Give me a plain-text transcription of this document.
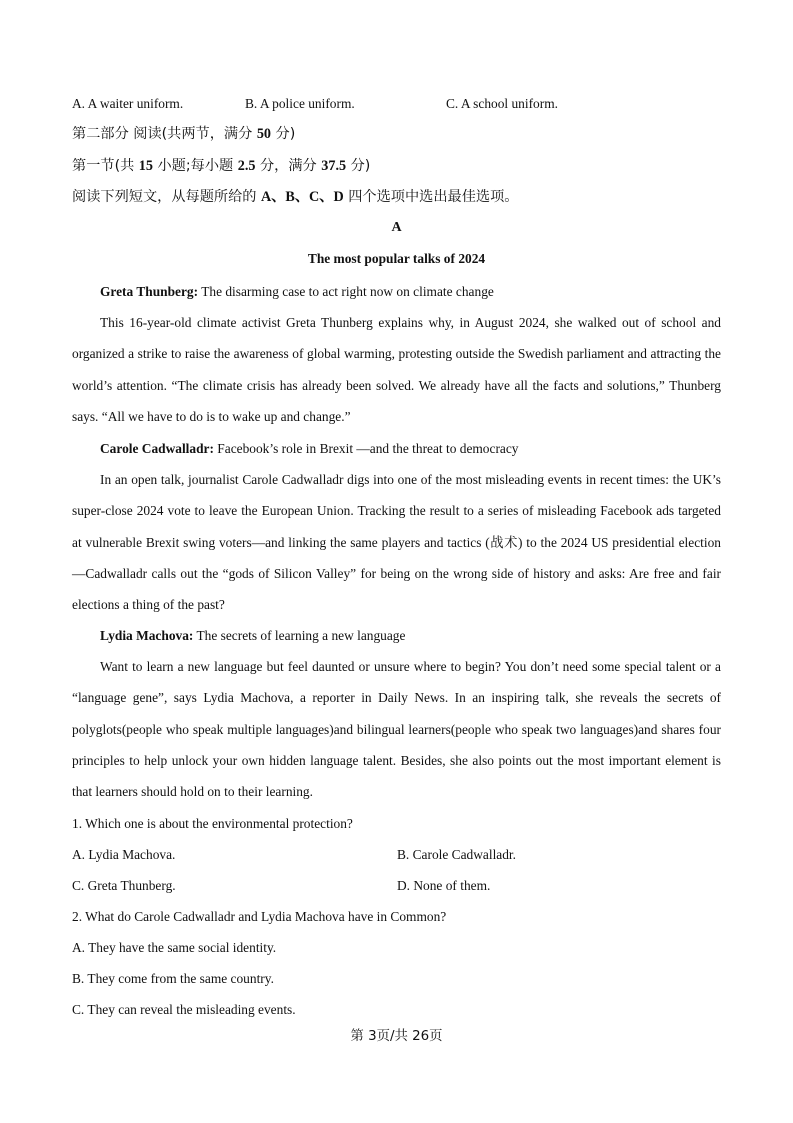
A. A waiter uniform.	B. A police uniform.	C. A school uniform.
第二部分 阅读(共两节，满分 50 分)
第一节(共 15 小题;每小题 2.5 分，满分 37.5 分)
阅读下列短文，从每题所给的 A、B、C、D 四个选项中选出最佳选项。
A
The most popular talks of 2024
Greta Thunberg: The disarming case to act right now on climate change
This 16-year-old climate activist Greta Thunberg explains why, in August 2024, she walked out of school and organized a strike to raise the awareness of global warming, protesting outside the Swedish parliament and attracting the world’s attention. “The climate crisis has already been solved. We already have all the facts and solutions,” Thunberg says. “All we have to do is to wake up and change.”
Carole Cadwalladr: Facebook’s role in Brexit —and the threat to democracy
In an open talk, journalist Carole Cadwalladr digs into one of the most misleading events in recent times: the UK’s super-close 2024 vote to leave the European Union. Tracking the result to a series of misleading Facebook ads targeted at vulnerable Brexit swing voters—and linking the same players and tactics (战术) to the 2024 US presidential election —Cadwalladr calls out the “gods of Silicon Valley” for being on the wrong side of history and asks: Are free and fair elections a thing of the past?
Lydia Machova: The secrets of learning a new language
Want to learn a new language but feel daunted or unsure where to begin? You don’t need some special talent or a “language gene”, says Lydia Machova, a reporter in Daily News. In an inspiring talk, she reveals the secrets of polyglots(people who speak multiple languages)and bilingual learners(people who speak two languages)and shares four principles to help unlock your own hidden language talent. Besides, she also points out the most important element is that learners should hold on to their learning.
1. Which one is about the environmental protection?
A. Lydia Machova.	B. Carole Cadwalladr.
C. Greta Thunberg.	D. None of them.
2. What do Carole Cadwalladr and Lydia Machova have in Common?
A. They have the same social identity.
B. They come from the same country.
C. They can reveal the misleading events.
第 3页/共 26页
